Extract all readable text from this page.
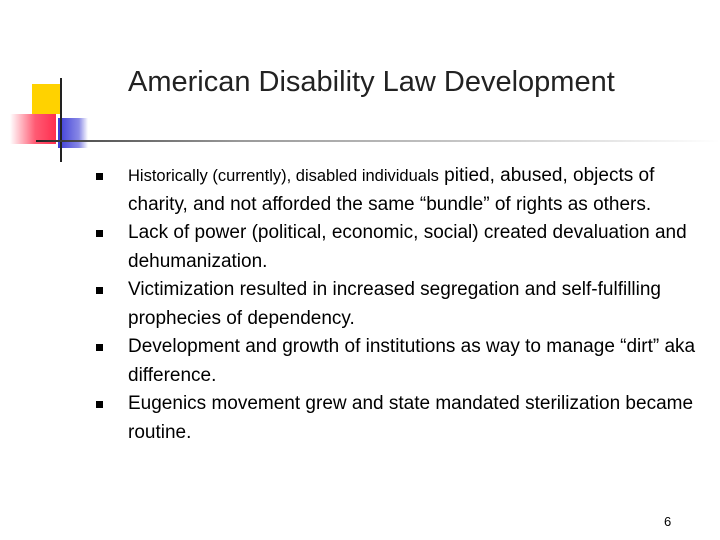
American Disability Law Development
Historically (currently), disabled individuals pitied, abused, objects of charity, and not afforded the same “bundle” of rights as others.
Lack of power (political, economic, social) created devaluation and dehumanization.
Victimization resulted in increased segregation and self-fulfilling prophecies of dependency.
Development and growth of institutions as way to manage “dirt” aka difference.
Eugenics movement grew and state mandated sterilization became routine.
6
